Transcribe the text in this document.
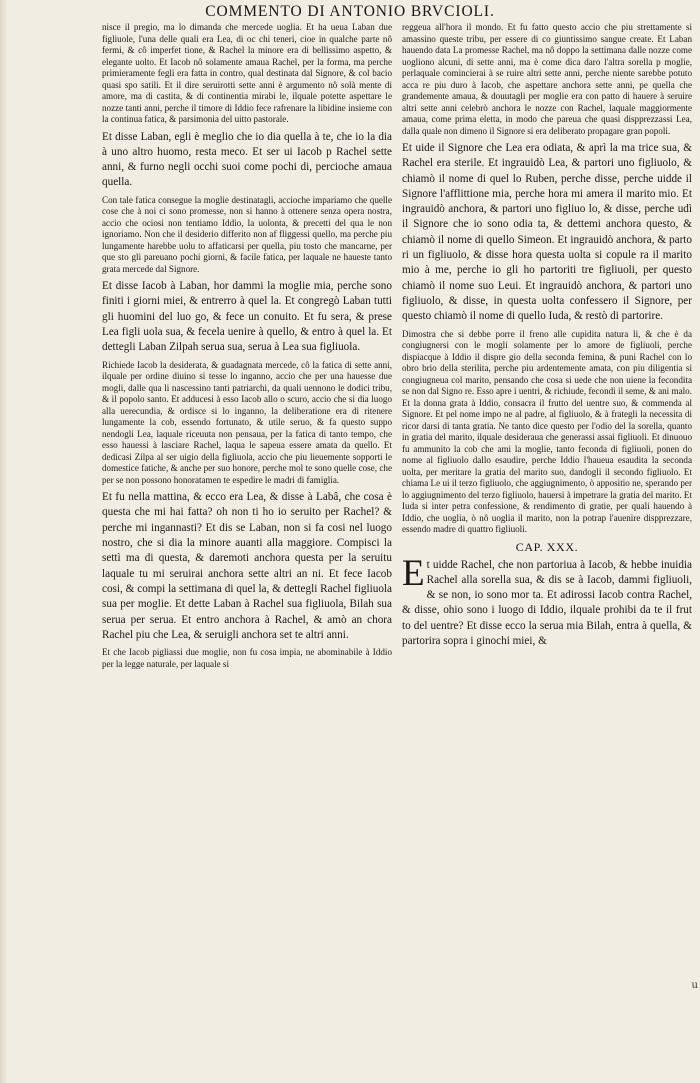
COMMENTO DI ANTONIO BRVCIOLI.

nisce il pregio, ma lo dimanda che mercede uoglia. Et ha ueua Laban due figliuole, l'una delle quali era Lea, di oc chi teneri, cioe in qualche parte nô fermi, & cô imperfet tione, & Rachel la minore era di bellissimo aspetto, & elegante uolto. Et Iacob nô solamente amaua Rachel, per la forma, ma perche primieramente fegli era fatta in contro, qual destinata dal Signore, & col bacio quasi spo satili. Et il dire seruirotti sette anni è argumento nô solà mente di amore, ma di castita, & di continentia mirabi le, ilquale potette aspettare le nozze tanti anni, perche il timore di Iddio fece rafrenare la libidine insieme con la continua fatica, & parsimonia del uitto pastorale.

Et disse Laban, egli è meglio che io dia quella à te, che io la dia à uno altro huomo, resta meco. Et ser ui Iacob p Rachel sette anni, & furno negli occhi suoi come pochi di, percioche amaua quella.

Con tale fatica consegue la moglie destinatagli, accioche impariamo che quelle cose che à noi ci sono promesse, non si hanno à ottenere senza opera nostra, accio che ociosi non tentiamo Iddio, la uolonta, & precetti del qua le non ignoriamo. Non che il desiderio differito non af fliggessi quello, ma perche piu lungamente harebbe uolu to affaticarsi per quella, piu tosto che mancarne, per que sto gli pareuano pochi giorni, & facile fatica, per laquale ne haueste tanto grata mercede dal Signore.

Et disse Iacob à Laban, hor dammi la moglie mia, perche sono finiti i giorni miei, & entrerro à quel la. Et congregò Laban tutti gli huomini del luo go, & fece un conuito. Et fu sera, & prese Lea figli uola sua, & fecela uenire à quello, & entro à quel la. Et dettegli Laban Zilpah serua sua, serua à Lea sua figliuola.

Richiede Iacob la desiderata, & guadagnata mercede, cô la fatica di sette anni, ilquale per ordine diuino si tesse lo inganno, accio che per una hauesse due mogli, dalle qua li nascessino tanti patriarchi, da quali uennono le dodici tribu, & il popolo santo. Et adducesi à esso Iacob allo o scuro, accio che si dia luogo alla uerecundia, & ordisce si lo inganno, la deliberatione era di ritenere lungamente la cob, essendo fortunato, & utile seruo, & fa questo suppo nendogli Lea, laquale riceuuta non pensaua, per la fatica di tanto tempo, che esso hauessi à lasciare Rachel, laqua le sapeua essere amata da quello. Et dedicasi Zilpa al ser uigio della figliuola, accio che piu lieuemente sopporti le domestice fatiche, & anche per suo honore, perche mol te sono quelle cose, che per se non possono honoratamen te espedire le madri di famiglia.

Et fu nella mattina, & ecco era Lea, & disse à Labâ, che cosa è questa che mi hai fatta? oh non ti ho io seruito per Rachel? & perche mi ingannasti? Et dis se Laban, non si fa cosi nel luogo nostro, che si dia la minore auanti alla maggiore. Compisci la settì ma di questa, & daremoti anchora questa per la seruitu laquale tu mi seruirai anchora sette altri an ni. Et fece Iacob cosi, & compi la settimana di quel la, & dettegli Rachel figliuola sua per moglie. Et dette Laban à Rachel sua figliuola, Bilah sua serua per serua. Et entro anchora à Rachel, & amò an chora Rachel piu che Lea, & seruigli anchora set te altri anni.

Et che Iacob pigliassi due moglie, non fu cosa impia, ne abominabile à Iddio per la legge naturale, per laquale si

reggeua all'hora il mondo. Et fu fatto questo accio che piu strettamente si amassino queste tribu, per essere di co giuntissimo sangue create. Et Laban hauendo data La promesse Rachel, ma nô doppo la settimana dalle nozze come uogliono alcuni, di sette anni, ma è come dica daro l'altra sorella p moglie, perlaquale comincierai à se ruire altri sette anni, perche niente sarebbe potuto acca re piu duro à Iacob, che aspettare anchora sette anni, pe quella che grandemente amaua, & douutagli per moglie era con patto di hauere à seruire altri sette anni celebrò anchora le nozze con Rachel, laquale maggiormente amaua, come prima eletta, in modo che pareua che quasi dispprezzassi Lea, dalla quale non dimeno il Signore si era deliberato propagare gran popoli.

Et uide il Signore che Lea era odiata, & aprì la ma trice sua, & Rachel era sterile. Et ingrauidò Lea, & partori uno figliuolo, & chiamò il nome di quel lo Ruben, perche disse, perche uidde il Signore l'afflittione mia, perche hora mi amera il marito mio. Et ingrauidò anchora, & partori uno figliuo lo, & disse, perche udì il Signore che io sono odia ta, & dettemi anchora questo, & chiamò il nome di quello Simeon. Et ingrauidò anchora, & parto ri un figliuolo, & disse hora questa uolta si copule ra il marito mio à me, perche io gli ho partoriti tre figliuoli, per questo chiamò il nome suo Leui. Et ingrauidò anchora, & partori uno figliuolo, & disse, in questa uolta confessero il Signore, per questo chiamò il nome di quello Iuda, & restò di partorire.

Dimostra che si debbe porre il freno alle cupidita natura li, & che è da congiugnersi con le mogli solamente per lo amore de figliuoli, perche dispiacque à Iddio il dispre gio della seconda femina, & puni Rachel con lo obro brio della sterilita, perche piu ardentemente amata, con piu diligentia si congiugneua col marito, pensando che cosa si uede che non uiene la fecondita se non dal Signo re. Esso apre i uentri, & richiude, fecondi il seme, & ani malo. Et la donna grata à Iddio, consacra il frutto del uentre suo, & commenda al Signore. Et pel nome impo ne al padre, al figliuolo, & à frategli la necessita di ricor darsi di tanta gratia. Ne tanto dice questo per l'odio del la sorella, quanto in gratia del marito, ilquale desideraua che generassi assai figliuoli. Et dinuouo fu ammunito la cob che ami la moglie, tanto feconda di figliuoli, ponen do nome al figliuolo dallo esaudire, perche Iddio l'haueua esaudita la seconda uolta, per meritare la gratia del marito suo, dandogli il secondo figliuolo. Et chiama Le ui il terzo figliuolo, che aggiugnimento, ò appositio ne, sperando per lo aggiugnimento del terzo figliuolo, hauersi à impetrare la gratia del marito. Et Iuda si inter petra confessione, & rendimento di gratie, per quali hauendo à Iddio, che uoglia, ò nô uoglia il marito, non la potrap l'auenire dispprezzare, essendo madre di quattro figliuoli.

CAP. XXX.

Et uidde Rachel, che non partoriua à Iacob, & hebbe inuidia Rachel alla sorella sua, & dis se à Iacob, dammi figliuoli, & se non, io sono mor ta. Et adirossi Iacob contra Rachel, & disse, ohio sono i luogo di Iddio, ilquale prohibi da te il frut to del uentre? Et disse ecco la serua mia Bilah, entra à quella, & partorira sopra i ginochi miei, &

u
